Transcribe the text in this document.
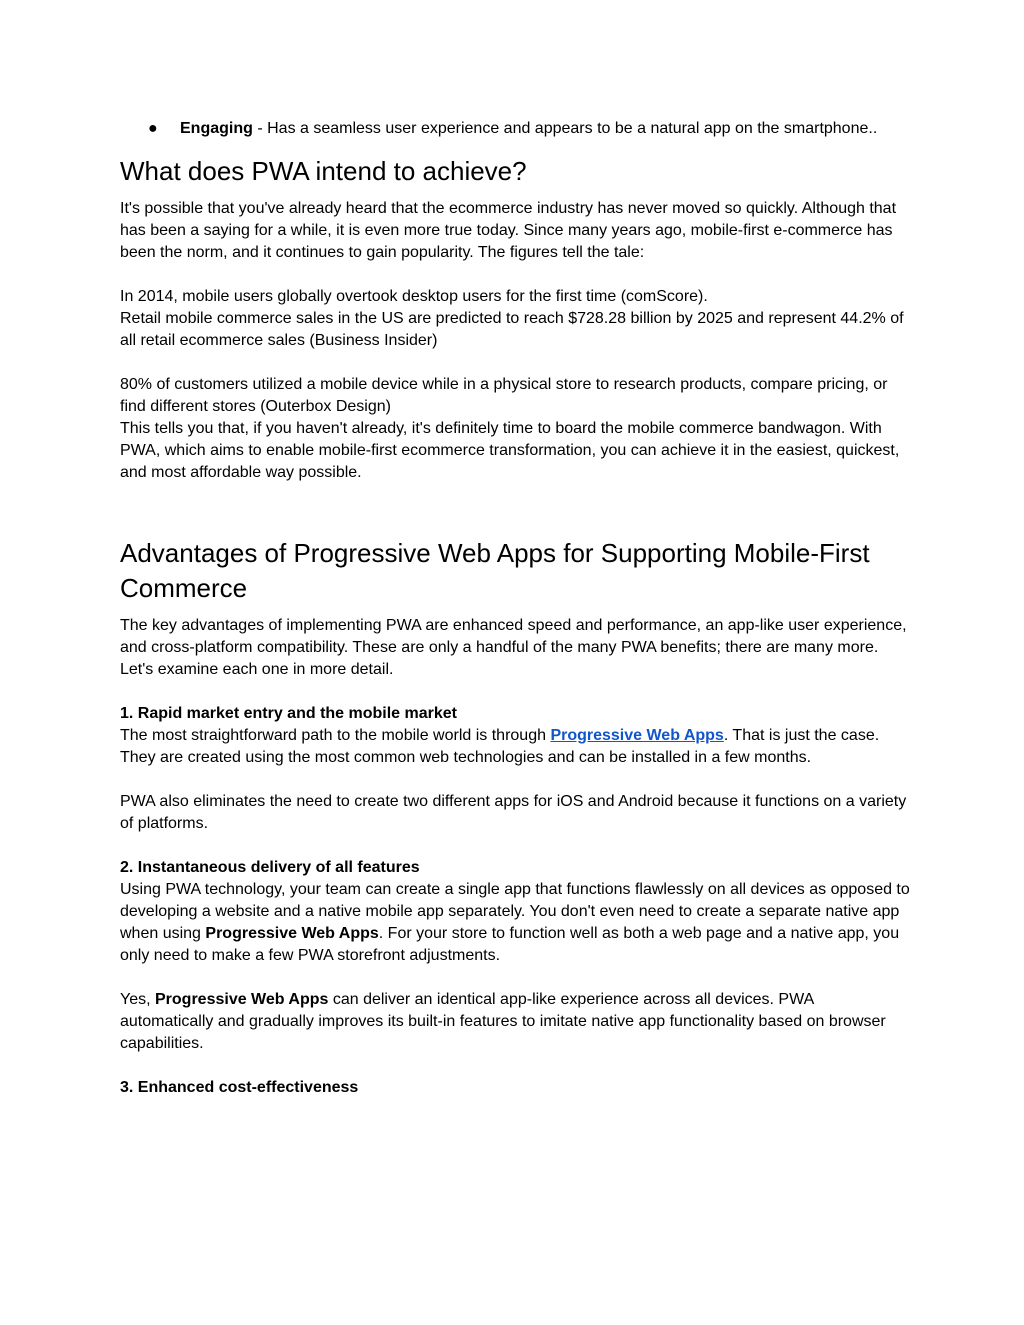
● Engaging - Has a seamless user experience and appears to be a natural app on the smartphone..
What does PWA intend to achieve?

It's possible that you've already heard that the ecommerce industry has never moved so quickly. Although that has been a saying for a while, it is even more true today. Since many years ago, mobile-first e-commerce has been the norm, and it continues to gain popularity. The figures tell the tale:

In 2014, mobile users globally overtook desktop users for the first time (comScore).

Retail mobile commerce sales in the US are predicted to reach $728.28 billion by 2025 and represent 44.2% of all retail ecommerce sales (Business Insider)

80% of customers utilized a mobile device while in a physical store to research products, compare pricing, or find different stores (Outerbox Design)

This tells you that, if you haven't already, it's definitely time to board the mobile commerce bandwagon. With PWA, which aims to enable mobile-first ecommerce transformation, you can achieve it in the easiest, quickest, and most affordable way possible.

Advantages of Progressive Web Apps for Supporting Mobile-First Commerce

The key advantages of implementing PWA are enhanced speed and performance, an app-like user experience, and cross-platform compatibility. These are only a handful of the many PWA benefits; there are many more. Let's examine each one in more detail.

1. Rapid market entry and the mobile market

The most straightforward path to the mobile world is through Progressive Web Apps. That is just the case. They are created using the most common web technologies and can be installed in a few months.

PWA also eliminates the need to create two different apps for iOS and Android because it functions on a variety of platforms.

2. Instantaneous delivery of all features

Using PWA technology, your team can create a single app that functions flawlessly on all devices as opposed to developing a website and a native mobile app separately. You don't even need to create a separate native app when using Progressive Web Apps. For your store to function well as both a web page and a native app, you only need to make a few PWA storefront adjustments.

Yes, Progressive Web Apps can deliver an identical app-like experience across all devices. PWA automatically and gradually improves its built-in features to imitate native app functionality based on browser capabilities.

3. Enhanced cost-effectiveness
